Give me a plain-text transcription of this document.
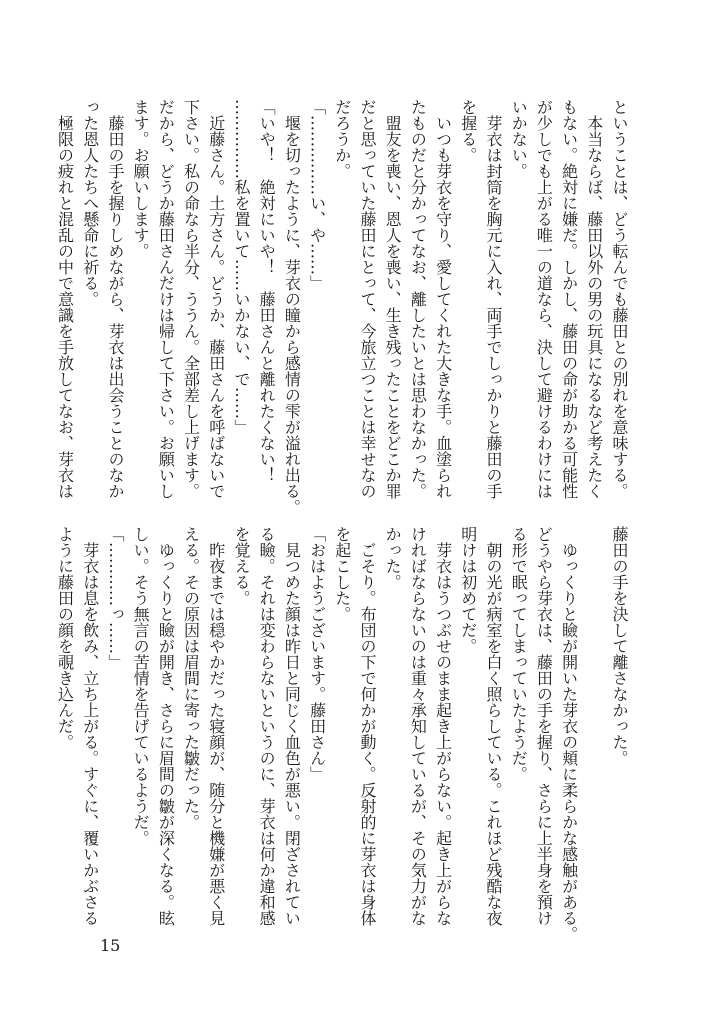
ということは、どう転んでも藤田との別れを意味する。
　本当ならば、藤田以外の男の玩具になるなど考えたく
もない。絶対に嫌だ。しかし、藤田の命が助かる可能性
が少しでも上がる唯一の道なら、決して避けるわけには
いかない。
　芽衣は封筒を胸元に入れ、両手でしっかりと藤田の手
を握る。
　いつも芽衣を守り、愛してくれた大きな手。血塗られ
たものだと分かってなお、離したいとは思わなかった。
　盟友を喪い、恩人を喪い、生き残ったことをどこか罪
だと思っていた藤田にとって、今旅立つことは幸せなの
だろうか。
「……………い、や……」
　堰を切ったように、芽衣の瞳から感情の雫が溢れ出る。
「いや！　絶対にいや！　藤田さんと離れたくない！
……………私を置いて……いかない、で……」
　近藤さん。土方さん。どうか、藤田さんを呼ばないで
下さい。私の命なら半分、ううん。全部差し上げます。
だから、どうか藤田さんだけは帰して下さい。お願いし
ます。お願いします。
　藤田の手を握りしめながら、芽衣は出会うことのなか
った恩人たちへ懸命に祈る。
　極限の疲れと混乱の中で意識を手放してなお、芽衣は
藤田の手を決して離さなかった。

　ゆっくりと瞼が開いた芽衣の頬に柔らかな感触がある。
どうやら芽衣は、藤田の手を握り、さらに上半身を預け
る形で眠ってしまっていたようだ。
　朝の光が病室を白く照らしている。これほど残酷な夜
明けは初めてだ。
　芽衣はうつぶせのまま起き上がらない。起き上がらな
ければならないのは重々承知しているが、その気力がな
かった。
　ごそり。布団の下で何かが動く。反射的に芽衣は身体
を起こした。
「おはようございます。藤田さん」
　見つめた顔は昨日と同じく血色が悪い。閉ざされてい
る瞼。それは変わらないというのに、芽衣は何か違和感
を覚える。
　昨夜までは穏やかだった寝顔が、随分と機嫌が悪く見
える。その原因は眉間に寄った皺だった。
　ゆっくりと瞼が開き、さらに眉間の皺が深くなる。眩
しい。そう無言の苦情を告げているようだ。
「…………っ……」
　芽衣は息を飲み、立ち上がる。すぐに、覆いかぶさる
ように藤田の顔を覗き込んだ。
15
